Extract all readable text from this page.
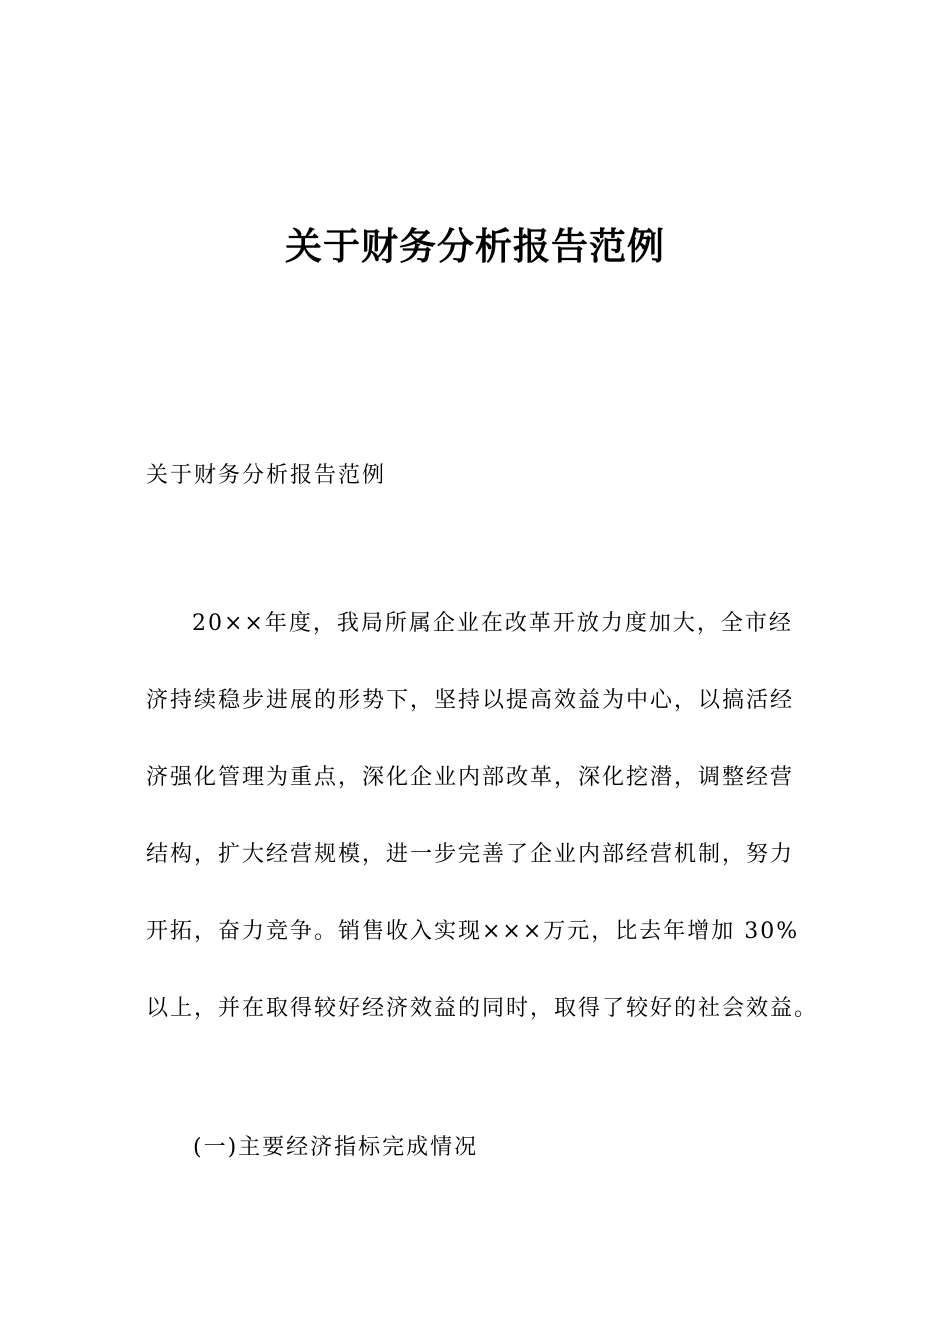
关于财务分析报告范例

关于财务分析报告范例

20××年度，我局所属企业在改革开放力度加大，全市经
济持续稳步进展的形势下，坚持以提高效益为中心，以搞活经
济强化管理为重点，深化企业内部改革，深化挖潜，调整经营
结构，扩大经营规模，进一步完善了企业内部经营机制，努力
开拓，奋力竞争。销售收入实现×××万元，比去年增加 30%
以上，并在取得较好经济效益的同时，取得了较好的社会效益。

(一)主要经济指标完成情况
